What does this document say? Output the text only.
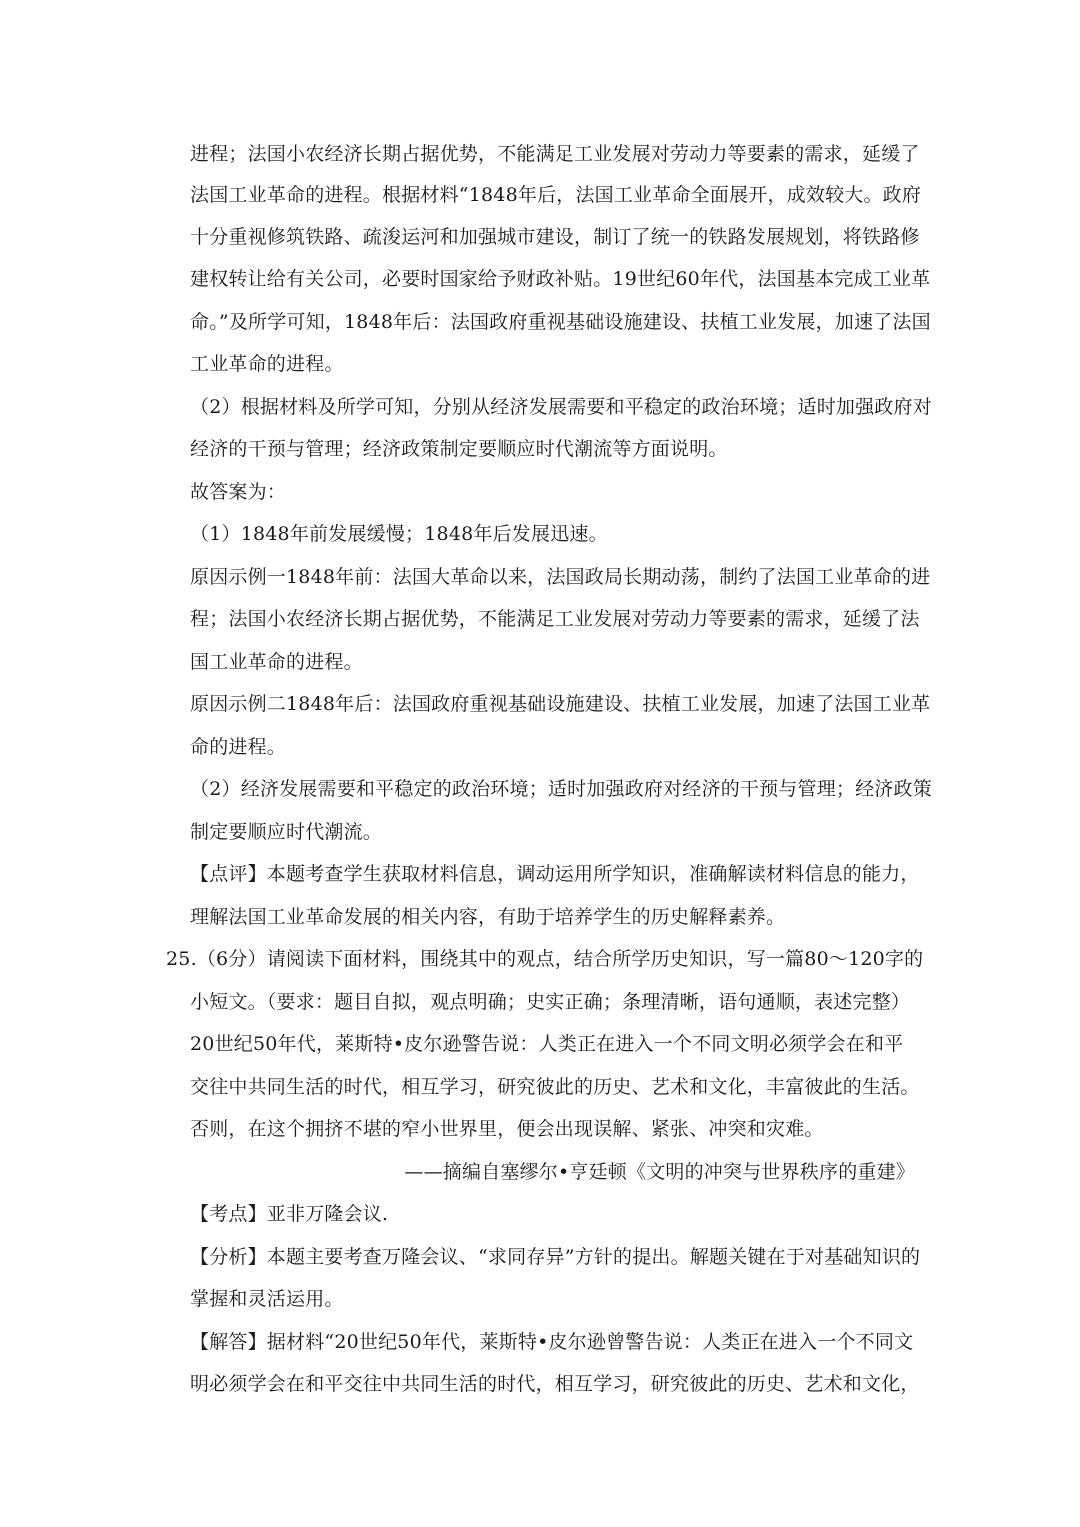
进程；法国小农经济长期占据优势，不能满足工业发展对劳动力等要素的需求，延缓了
法国工业革命的进程。根据材料“1848年后，法国工业革命全面展开，成效较大。政府
十分重视修筑铁路、疏浚运河和加强城市建设，制订了统一的铁路发展规划，将铁路修
建权转让给有关公司，必要时国家给予财政补贴。19世纪60年代，法国基本完成工业革
命。”及所学可知，1848年后：法国政府重视基础设施建设、扶植工业发展，加速了法国
工业革命的进程。
（2）根据材料及所学可知，分别从经济发展需要和平稳定的政治环境；适时加强政府对
经济的干预与管理；经济政策制定要顺应时代潮流等方面说明。
故答案为：
（1）1848年前发展缓慢；1848年后发展迅速。
原因示例一1848年前：法国大革命以来，法国政局长期动荡，制约了法国工业革命的进
程；法国小农经济长期占据优势，不能满足工业发展对劳动力等要素的需求，延缓了法
国工业革命的进程。
原因示例二1848年后：法国政府重视基础设施建设、扶植工业发展，加速了法国工业革
命的进程。
（2）经济发展需要和平稳定的政治环境；适时加强政府对经济的干预与管理；经济政策
制定要顺应时代潮流。
【点评】本题考查学生获取材料信息，调动运用所学知识，准确解读材料信息的能力，
理解法国工业革命发展的相关内容，有助于培养学生的历史解释素养。
25.（6分）请阅读下面材料，围绕其中的观点，结合所学历史知识，写一篇80～120字的
小短文。（要求：题目自拟，观点明确；史实正确；条理清晰，语句通顺，表述完整）
20世纪50年代，莱斯特•皮尔逊警告说：人类正在进入一个不同文明必须学会在和平
交往中共同生活的时代，相互学习，研究彼此的历史、艺术和文化，丰富彼此的生活。
否则，在这个拥挤不堪的窄小世界里，便会出现误解、紧张、冲突和灾难。
——摘编自塞缪尔•亨廷顿《文明的冲突与世界秩序的重建》
【考点】亚非万隆会议.
【分析】本题主要考查万隆会议、“求同存异”方针的提出。解题关键在于对基础知识的
掌握和灵活运用。
【解答】据材料“20世纪50年代，莱斯特•皮尔逊曾警告说：人类正在进入一个不同文
明必须学会在和平交往中共同生活的时代，相互学习，研究彼此的历史、艺术和文化，
